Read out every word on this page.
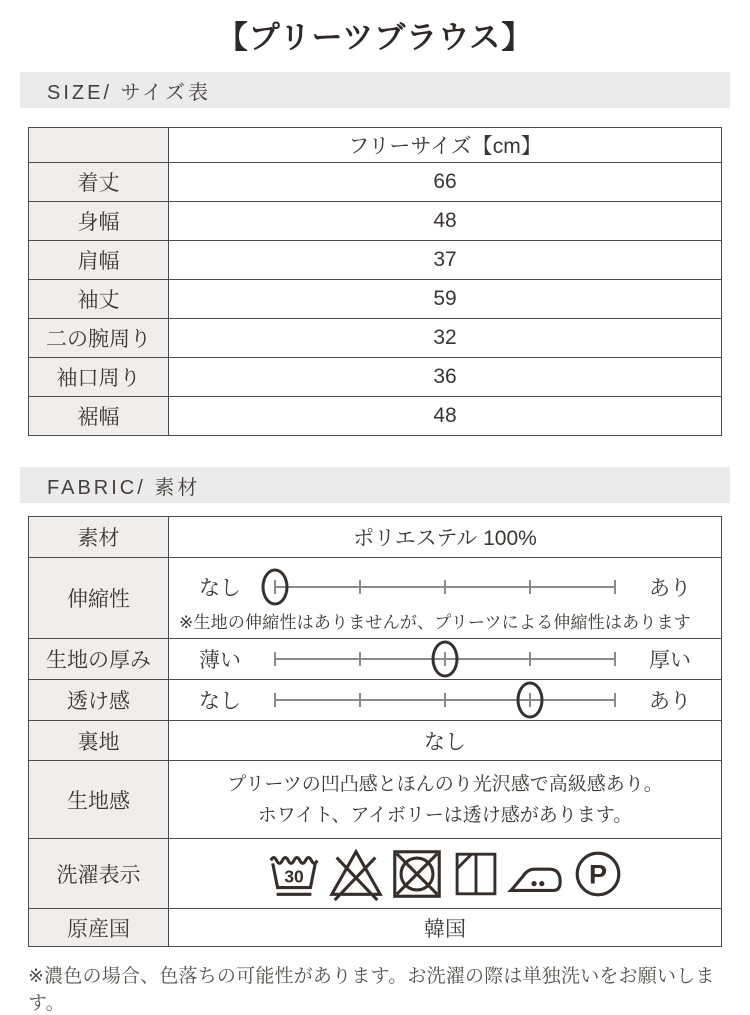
【プリーツブラウス】
SIZE/ サイズ表
	フリーサイズ【cm】
着丈	66
身幅	48
肩幅	37
袖丈	59
二の腕周り	32
袖口周り	36
裾幅	48
FABRIC/ 素材
素材	ポリエステル 100%
伸縮性	なし あり
※生地の伸縮性はありませんが、プリーツによる伸縮性はあります

生地の厚み	薄い 厚い

透け感	なし あり

裏地	なし
生地感	プリーツの凹凸感とほんのり光沢感で高級感あり。
ホワイト、アイボリーは透け感があります。

洗濯表示	30 P

原産国	韓国
※濃色の場合、色落ちの可能性があります。お洗濯の際は単独洗いをお願いします。
